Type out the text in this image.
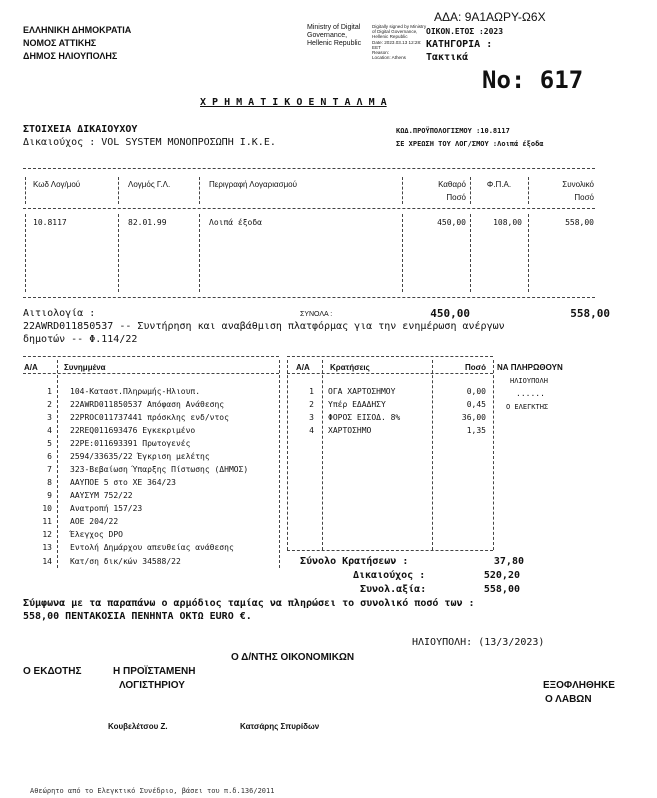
ΑΔΑ: 9Α1ΑΩΡΥ-Ω6Χ
ΕΛΛΗΝΙΚΗ ΔΗΜΟΚΡΑΤΙΑ
ΝΟΜΟΣ ΑΤΤΙΚΗΣ
ΔΗΜΟΣ ΗΛΙΟΥΠΟΛΗΣ
Ministry of Digital
Governance,
Hellenic Republic
Digitally signed by Ministry
of Digital Governance,
Hellenic Republic
Date: 2023.03.13 12:28:
EET
Reason:
Location: Athens
ΟΙΚΟΝ.ΕΤΟΣ :2023
ΚΑΤΗΓΟΡΙΑ :
Τακτικά
No: 617
Χ Ρ Η Μ Α Τ Ι Κ Ο Ε Ν Τ Α Λ Μ Α
ΣΤΟΙΧΕΙΑ ΔΙΚΑΙΟΥΧΟΥ
Δικαιούχος : VOL SYSTEM ΜΟΝΟΠΡΟΣΩΠΗ Ι.Κ.Ε.
ΚΩΔ.ΠΡΟΫΠΟΛΟΓΙΣΜΟΥ :10.8117
ΣΕ ΧΡΕΩΣΗ ΤΟΥ ΛΟΓ/ΣΜΟΥ :Λοιπά έξοδα
Κωδ Λογ/μού	Λογμός Γ.Λ.	Περιγραφή Λογαριασμού	Καθαρό	Φ.Π.Α.	Συνολικό
Ποσό	Ποσό
10.8117	82.01.99	Λοιπά έξοδα	450,00	108,00	558,00
Αιτιολογία :	ΣΥΝΟΛΑ :	450,00	558,00
22AWRD011850537 -- Συντήρηση και αναβάθμιση πλατφόρμας για την ενημέρωση ανέργων
δημοτών -- Φ.114/22
Α/Α	Συνημμένα	Α/Α	Κρατήσεις	Ποσό
1 104-Καταστ.Πληρωμής-Ηλιουπ.
2 22AWRD011850537 Απόφαση Ανάθεσης
3 22PROC011737441 πρόσκλης ενδ/ντος
4 22REQ011693476 Εγκεκριμένο
5 22PE:011693391 Πρωτογενές
6 2594/33635/22 Έγκριση μελέτης
7 323-Βεβαίωση Ύπαρξης Πίστωσης (ΔΗΜΟΣ)
8 ΑΑΥΠΟΕ 5 στο ΧΕ 364/23
9 ΑΑΥΣΥΜ 752/22
10 Ανατροπή 157/23
11 ΑΟΕ 204/22
12 Έλεγχος DPO
13 Εντολή Δημάρχου απευθείας ανάθεσης
14 Κατ/ση δικ/κών 34588/22
1 ΟΓΑ ΧΑΡΤΟΣΗΜΟΥ	0,00
2 Υπέρ ΕΔΑΔΗΣΥ	0,45
3 ΦΟΡΟΣ ΕΙΣΟΔ. 8%	36,00
4 ΧΑΡΤΟΣΗΜΟ	1,35
ΝΑ ΠΛΗΡΩΘΟΥΝ
ΗΛΙΟΥΠΟΛΗ
......
Ο ΕΛΕΓΚΤΗΣ
Σύνολο Κρατήσεων :	37,80
Δικαιούχος :	520,20
Συνολ.αξία:	558,00
Σύμφωνα με τα παραπάνω ο αρμόδιος ταμίας να πληρώσει το συνολικό ποσό των :
558,00 ΠΕΝΤΑΚΟΣΙΑ ΠΕΝΗΝΤΑ ΟΚΤΩ EURO €.
ΗΛΙΟΥΠΟΛΗ: (13/3/2023)
Ο Δ/ΝΤΗΣ ΟΙΚΟΝΟΜΙΚΩΝ
Ο ΕΚΔΟΤΗΣ	Η ΠΡΟΪΣΤΑΜΕΝΗ
ΛΟΓΙΣΤΗΡΙΟΥ	ΕΞΟΦΛΗΘΗΚΕ
Ο ΛΑΒΩΝ
Κουβελέτσου Ζ.	Κατσάρης Σπυρίδων
Αθεώρητο από το Ελεγκτικό Συνέδριο, βάσει του π.δ.136/2011
